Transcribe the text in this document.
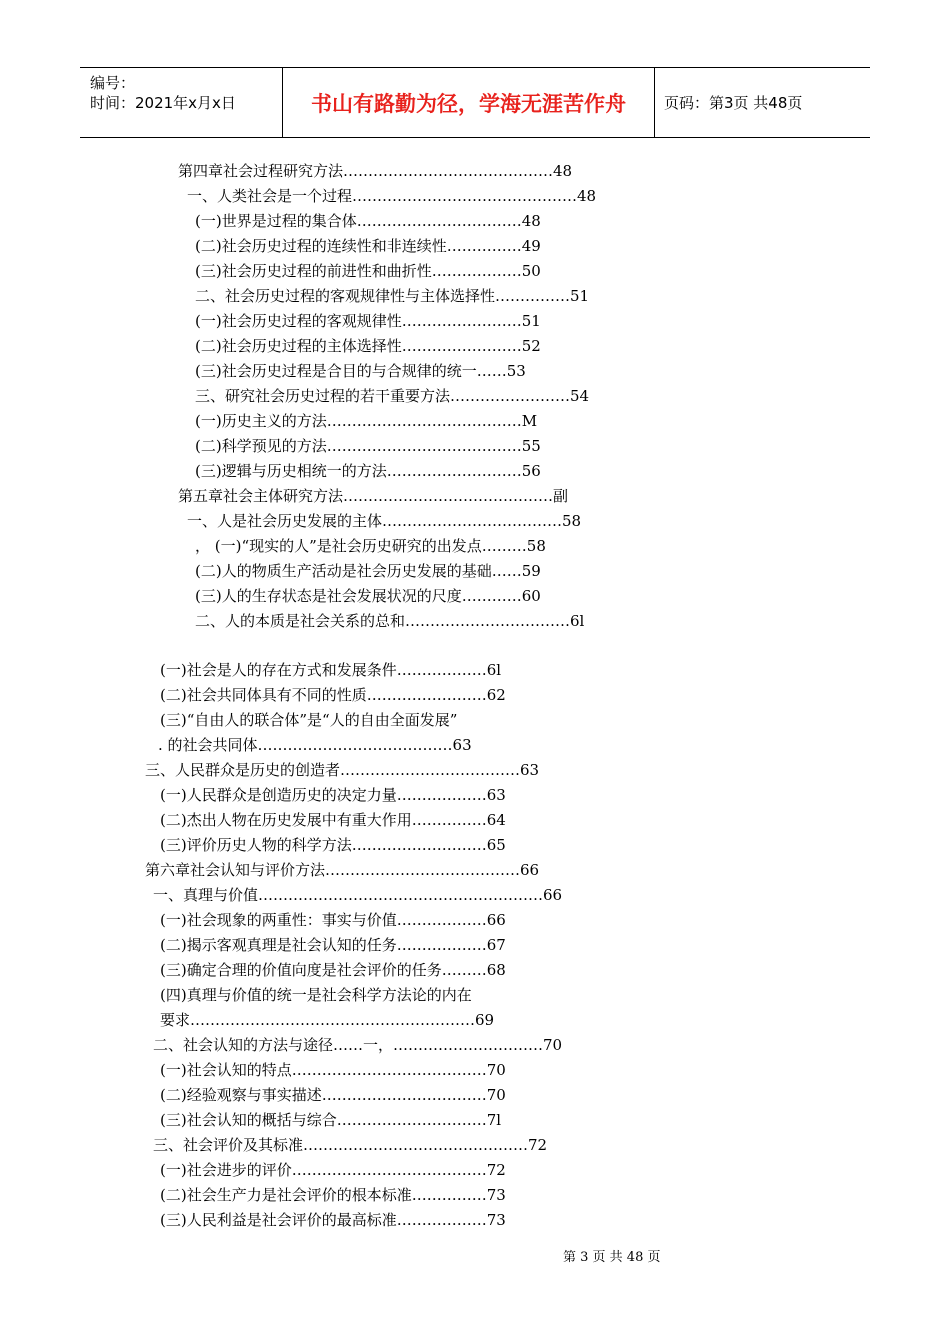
编号：
时间：2021年x月x日	书山有路勤为径，学海无涯苦作舟	页码：第3页 共48页
第四章社会过程研究方法……………………………………48
一、人类社会是一个过程………………………………………48
(一)世界是过程的集合体……………………………48
(二)社会历史过程的连续性和非连续性……………49
(三)社会历史过程的前进性和曲折性………………50
二、社会历史过程的客观规律性与主体选择性……………51
(一)社会历史过程的客观规律性……………………51
(二)社会历史过程的主体选择性……………………52
(三)社会历史过程是合目的与合规律的统一……53
三、研究社会历史过程的若干重要方法……………………54
(一)历史主义的方法…………………………………M
(二)科学预见的方法…………………………………55
(三)逻辑与历史相统一的方法………………………56
第五章社会主体研究方法……………………………………副
一、人是社会历史发展的主体………………………………58
， (一)“现实的人”是社会历史研究的出发点………58
(二)人的物质生产活动是社会历史发展的基础……59
(三)人的生存状态是社会发展状况的尺度…………60
二、人的本质是社会关系的总和……………………………6l
(一)社会是人的存在方式和发展条件………………6l
(二)社会共同体具有不同的性质……………………62
(三)“自由人的联合体”是“人的自由全面发展”
. 的社会共同体…………………………………63
三、人民群众是历史的创造者………………………………63
(一)人民群众是创造历史的决定力量………………63
(二)杰出人物在历史发展中有重大作用……………64
(三)评价历史人物的科学方法………………………65
第六章社会认知与评价方法…………………………………66
一、真理与价值…………………………………………………66
(一)社会现象的两重性：事实与价值………………66
(二)揭示客观真理是社会认知的任务………………67
(三)确定合理的价值向度是社会评价的任务………68
(四)真理与价值的统一是社会科学方法论的内在
要求…………………………………………………69
二、社会认知的方法与途径……一，…………………………70
(一)社会认知的特点…………………………………70
(二)经验观察与事实描述……………………………70
(三)社会认知的概括与综合…………………………7l
三、社会评价及其标准………………………………………72
(一)社会进步的评价…………………………………72
(二)社会生产力是社会评价的根本标准……………73
(三)人民利益是社会评价的最高标准………………73
第 3 页 共 48 页
